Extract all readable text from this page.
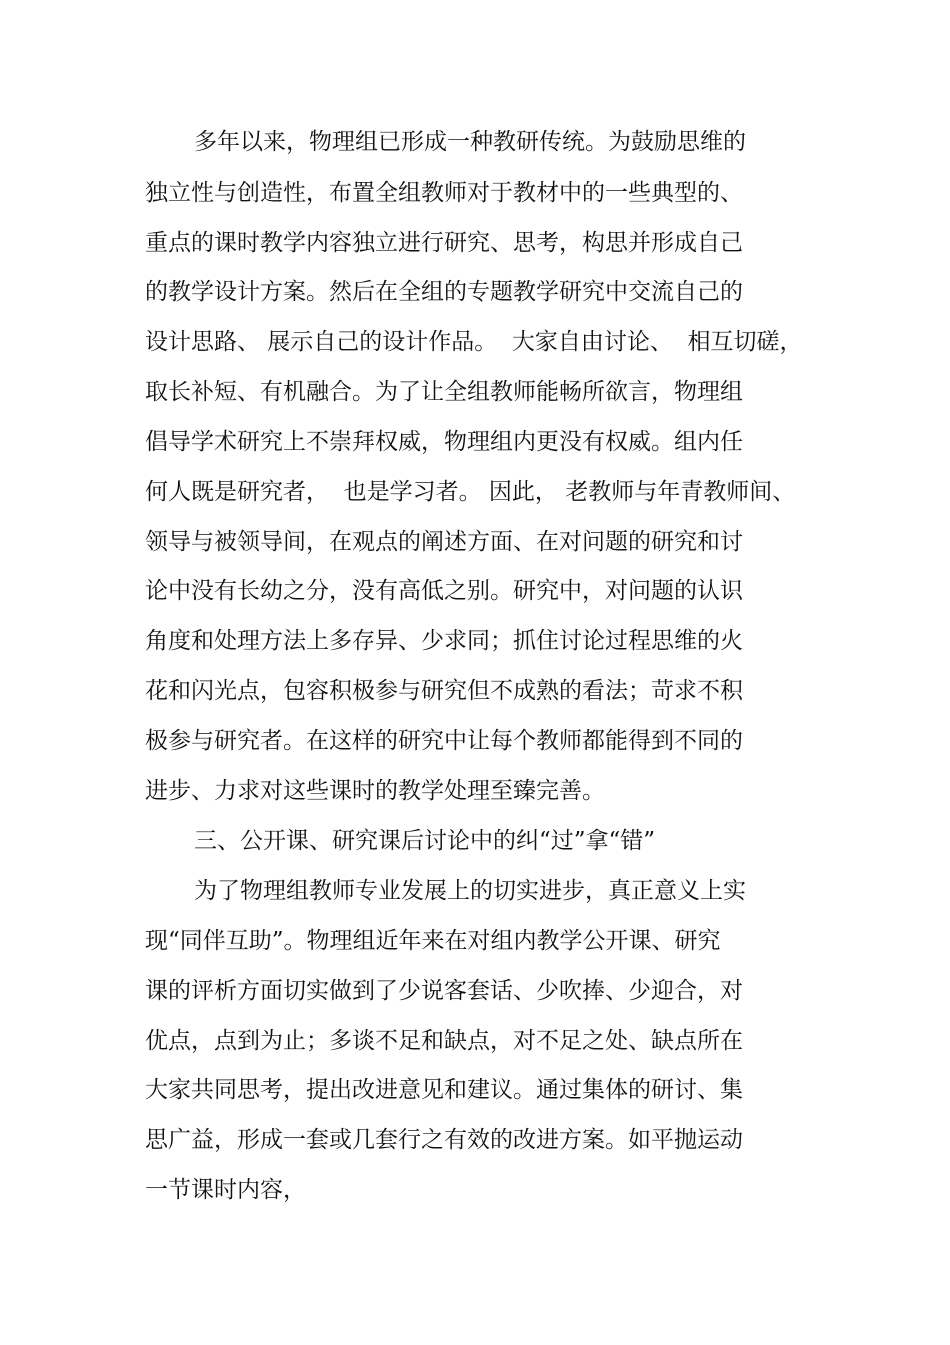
多年以来，物理组已形成一种教研传统。为鼓励思维的
独立性与创造性，布置全组教师对于教材中的一些典型的、
重点的课时教学内容独立进行研究、思考，构思并形成自己
的教学设计方案。然后在全组的专题教学研究中交流自己的
设计思路、 展示自己的设计作品。  大家自由讨论、  相互切磋，
取长补短、有机融合。为了让全组教师能畅所欲言，物理组
倡导学术研究上不崇拜权威，物理组内更没有权威。组内任
何人既是研究者，  也是学习者。 因此， 老教师与年青教师间、
领导与被领导间，在观点的阐述方面、在对问题的研究和讨
论中没有长幼之分，没有高低之别。研究中，对问题的认识
角度和处理方法上多存异、少求同；抓住讨论过程思维的火
花和闪光点，包容积极参与研究但不成熟的看法；苛求不积
极参与研究者。在这样的研究中让每个教师都能得到不同的
进步、力求对这些课时的教学处理至臻完善。
三、公开课、研究课后讨论中的纠“过”拿“错”
为了物理组教师专业发展上的切实进步，真正意义上实
现“同伴互助”。物理组近年来在对组内教学公开课、研究
课的评析方面切实做到了少说客套话、少吹捧、少迎合，对
优点，点到为止；多谈不足和缺点，对不足之处、缺点所在
大家共同思考，提出改进意见和建议。通过集体的研讨、集
思广益，形成一套或几套行之有效的改进方案。如平抛运动
一节课时内容，
